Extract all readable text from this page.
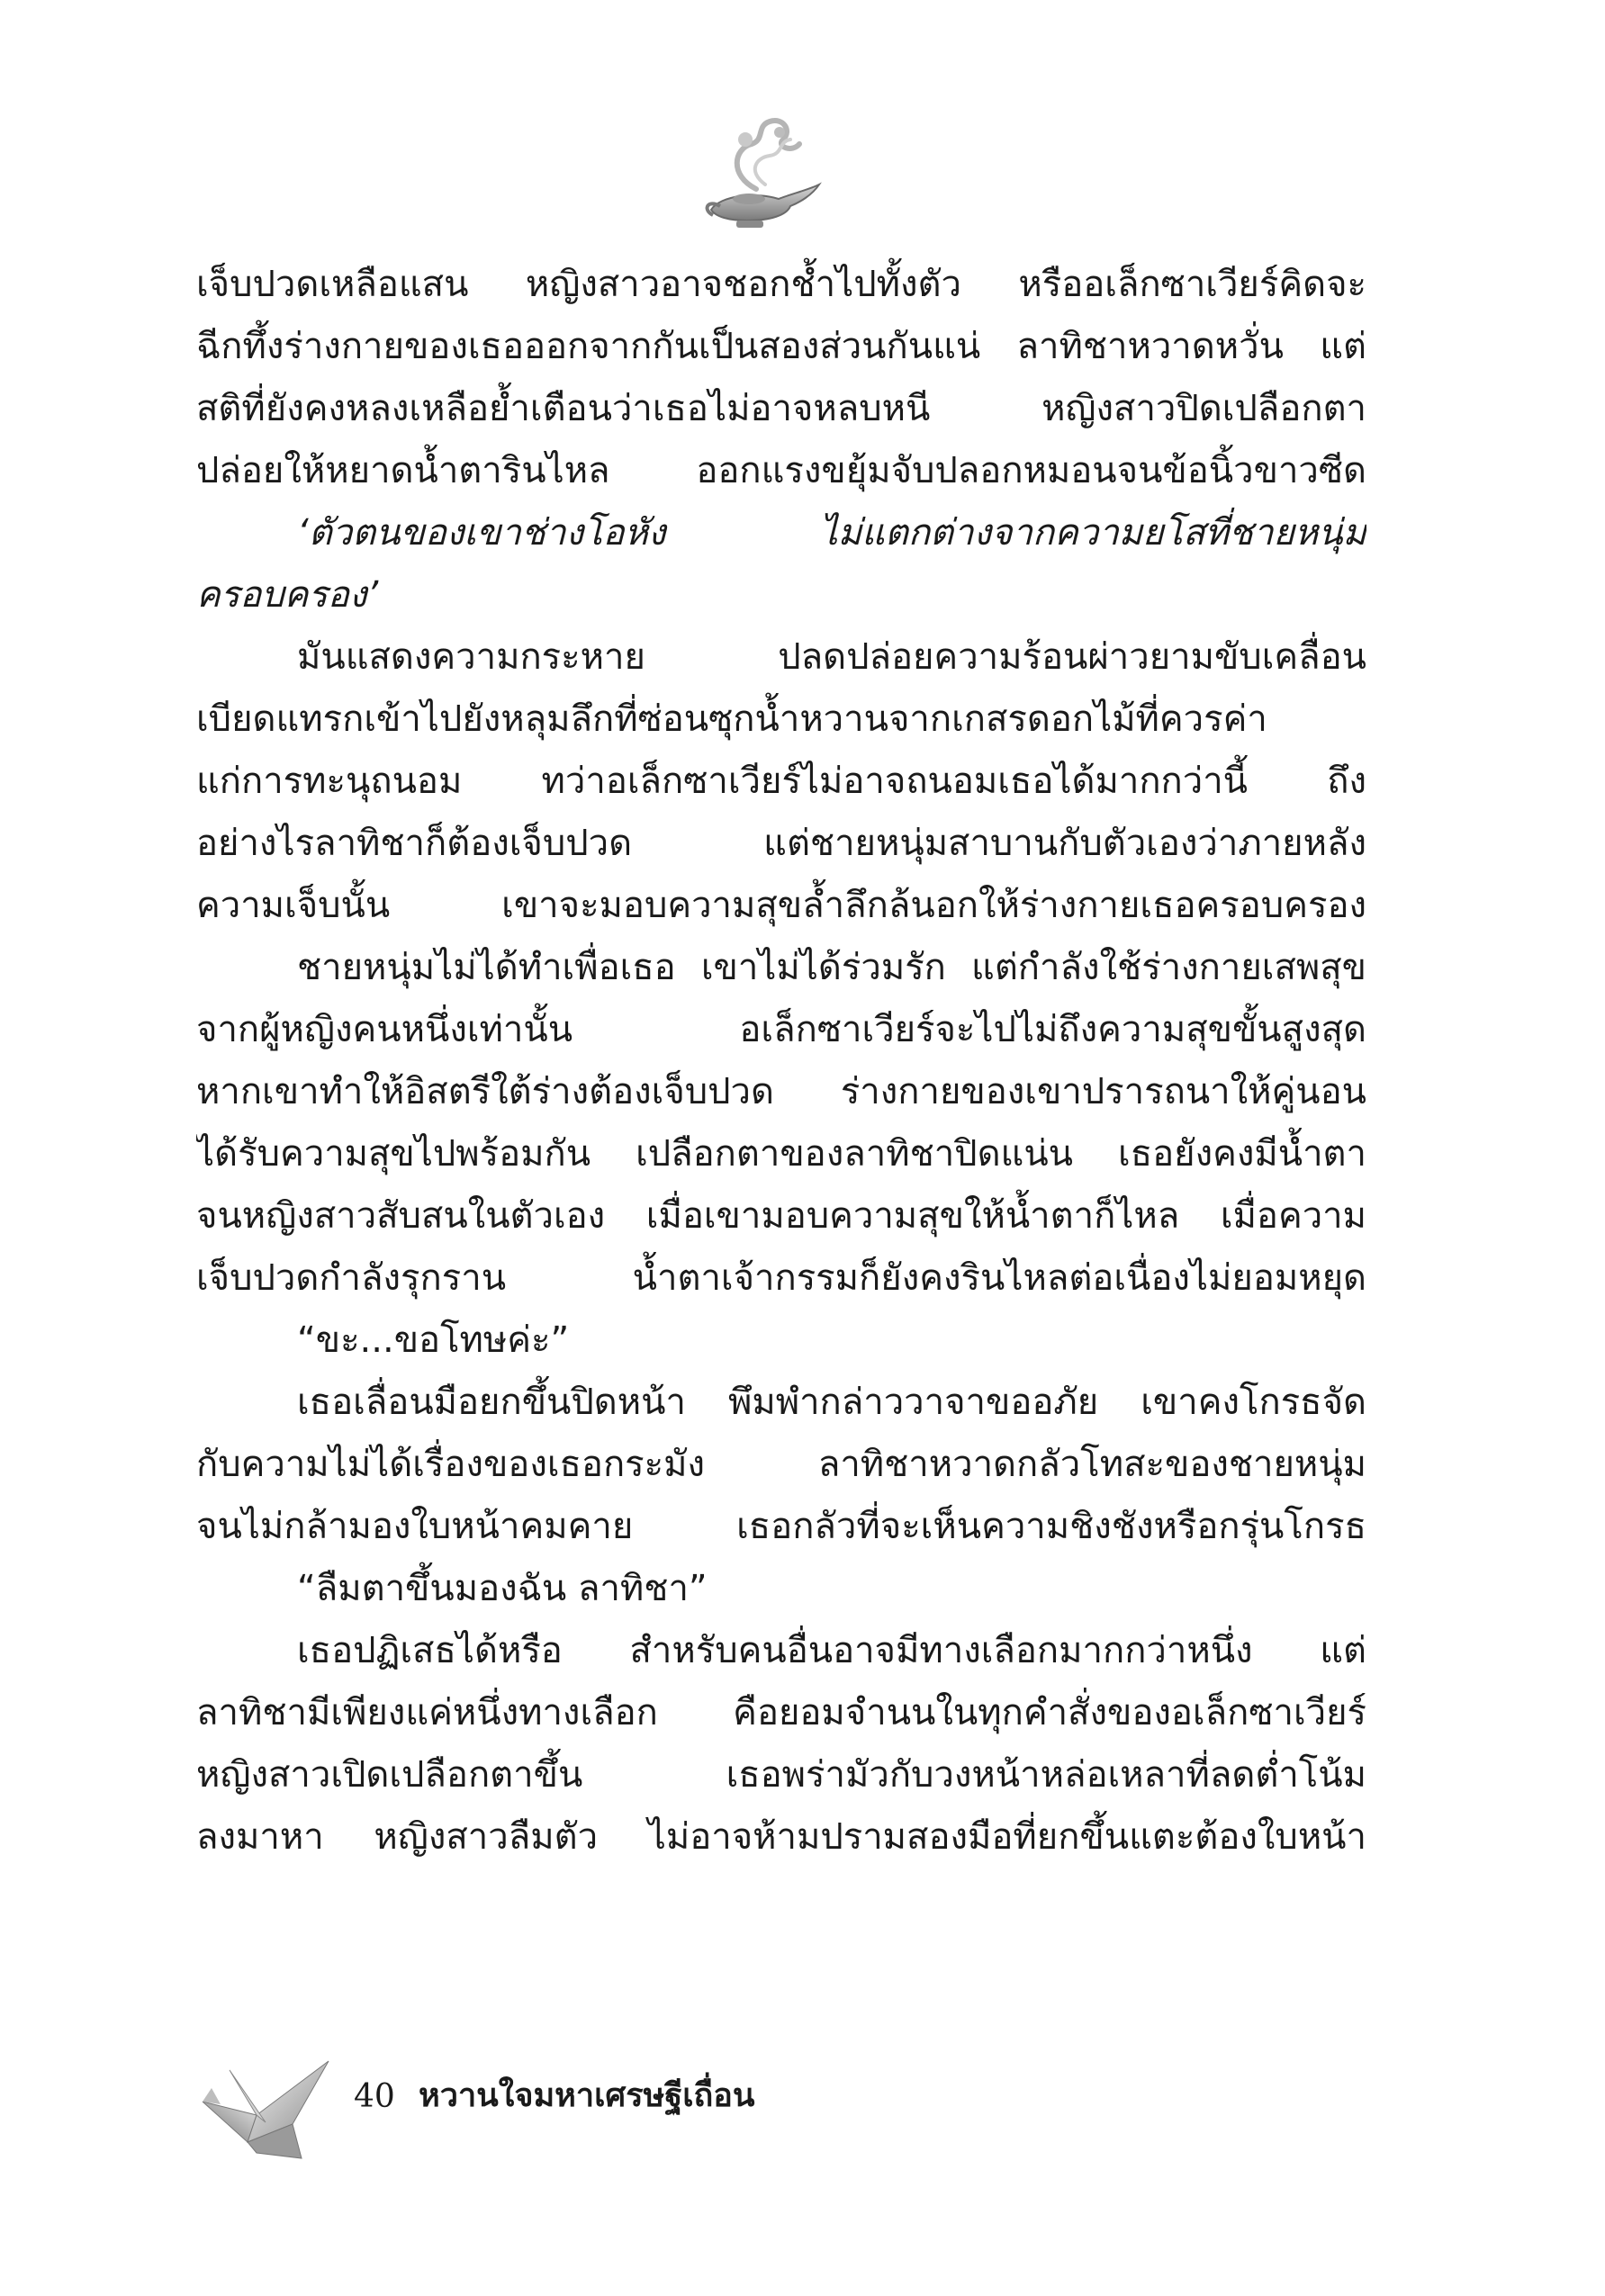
เจ็บปวดเหลือแสน หญิงสาวอาจชอกช้ำไปทั้งตัว หรืออเล็กซาเวียร์คิดจะ
ฉีกทึ้งร่างกายของเธอออกจากกันเป็นสองส่วนกันแน่ ลาทิชาหวาดหวั่น แต่
สติที่ยังคงหลงเหลือย้ำเตือนว่าเธอไม่อาจหลบหนี หญิงสาวปิดเปลือกตา
ปล่อยให้หยาดน้ำตารินไหล ออกแรงขยุ้มจับปลอกหมอนจนข้อนิ้วขาวซีด
‘ตัวตนของเขาช่างโอหัง ไม่แตกต่างจากความยโสที่ชายหนุ่ม
ครอบครอง’
มันแสดงความกระหาย ปลดปล่อยความร้อนผ่าวยามขับเคลื่อน
เบียดแทรกเข้าไปยังหลุมลึกที่ซ่อนซุกน้ำหวานจากเกสรดอกไม้ที่ควรค่า
แก่การทะนุถนอม ทว่าอเล็กซาเวียร์ไม่อาจถนอมเธอได้มากกว่านี้ ถึง
อย่างไรลาทิชาก็ต้องเจ็บปวด แต่ชายหนุ่มสาบานกับตัวเองว่าภายหลัง
ความเจ็บนั้น เขาจะมอบความสุขล้ำลึกล้นอกให้ร่างกายเธอครอบครอง
ชายหนุ่มไม่ได้ทำเพื่อเธอ เขาไม่ได้ร่วมรัก แต่กำลังใช้ร่างกายเสพสุข
จากผู้หญิงคนหนึ่งเท่านั้น อเล็กซาเวียร์จะไปไม่ถึงความสุขขั้นสูงสุด
หากเขาทำให้อิสตรีใต้ร่างต้องเจ็บปวด ร่างกายของเขาปรารถนาให้คู่นอน
ได้รับความสุขไปพร้อมกัน เปลือกตาของลาทิชาปิดแน่น เธอยังคงมีน้ำตา
จนหญิงสาวสับสนในตัวเอง เมื่อเขามอบความสุขให้น้ำตาก็ไหล เมื่อความ
เจ็บปวดกำลังรุกราน น้ำตาเจ้ากรรมก็ยังคงรินไหลต่อเนื่องไม่ยอมหยุด
“ขะ...ขอโทษค่ะ”
เธอเลื่อนมือยกขึ้นปิดหน้า พึมพำกล่าววาจาขออภัย เขาคงโกรธจัด
กับความไม่ได้เรื่องของเธอกระมัง ลาทิชาหวาดกลัวโทสะของชายหนุ่ม
จนไม่กล้ามองใบหน้าคมคาย เธอกลัวที่จะเห็นความชิงชังหรือกรุ่นโกรธ
“ลืมตาขึ้นมองฉัน ลาทิชา”
เธอปฏิเสธได้หรือ สำหรับคนอื่นอาจมีทางเลือกมากกว่าหนึ่ง แต่
ลาทิชามีเพียงแค่หนึ่งทางเลือก คือยอมจำนนในทุกคำสั่งของอเล็กซาเวียร์
หญิงสาวเปิดเปลือกตาขึ้น เธอพร่ามัวกับวงหน้าหล่อเหลาที่ลดต่ำโน้ม
ลงมาหา หญิงสาวลืมตัว ไม่อาจห้ามปรามสองมือที่ยกขึ้นแตะต้องใบหน้า
40 หวานใจมหาเศรษฐีเถื่อน
